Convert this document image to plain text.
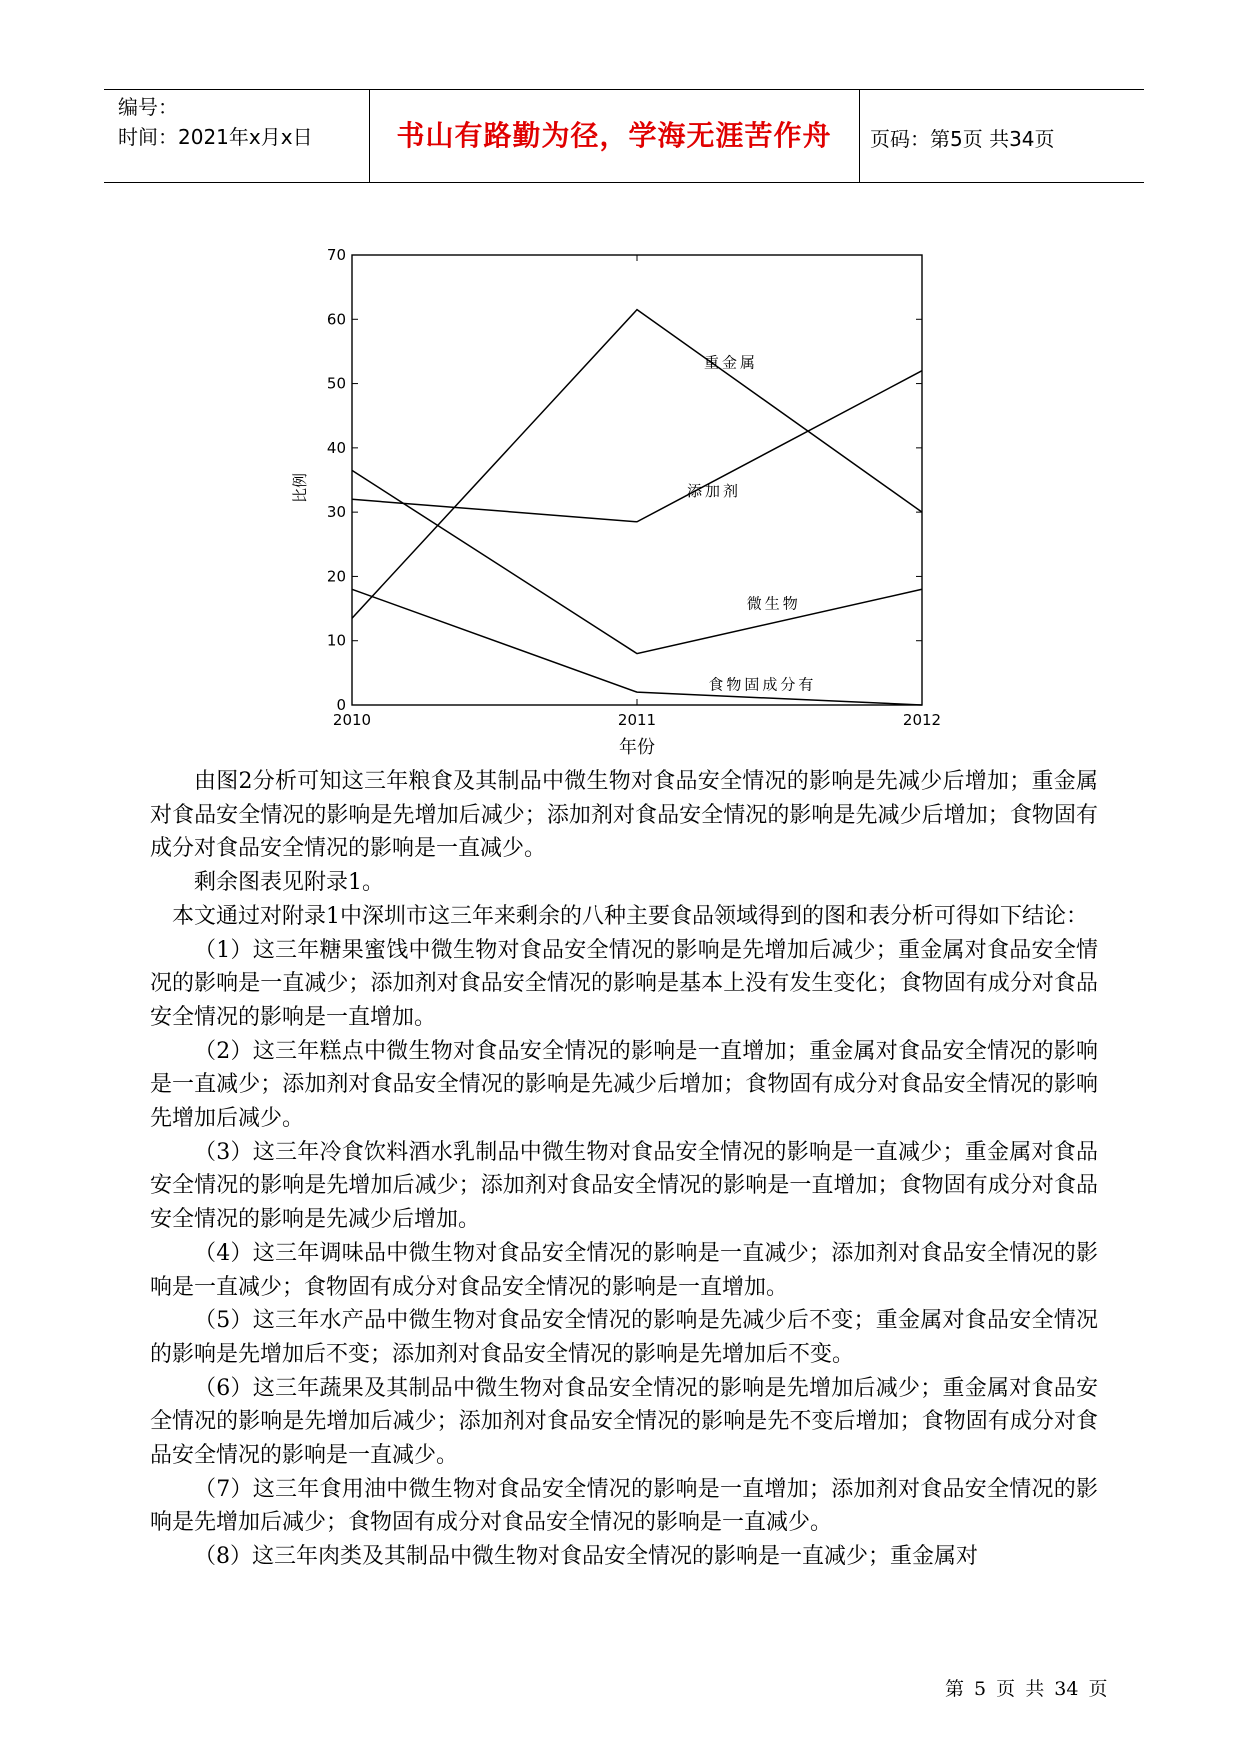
编号：
时间：2021年x月x日	书山有路勤为径，学海无涯苦作舟	页码：第5页 共34页
0
10
20
30
40
50
60
70
2010	2011	2012
年份
比例
重金属
添加剂
微生物
食物固成分有

由图2分析可知这三年粮食及其制品中微生物对食品安全情况的影响是先减少后增加；重金属对食品安全情况的影响是先增加后减少；添加剂对食品安全情况的影响是先减少后增加；食物固有成分对食品安全情况的影响是一直减少。

剩余图表见附录1。

本文通过对附录1中深圳市这三年来剩余的八种主要食品领域得到的图和表分析可得如下结论：

（1）这三年糖果蜜饯中微生物对食品安全情况的影响是先增加后减少；重金属对食品安全情况的影响是一直减少；添加剂对食品安全情况的影响是基本上没有发生变化；食物固有成分对食品安全情况的影响是一直增加。

（2）这三年糕点中微生物对食品安全情况的影响是一直增加；重金属对食品安全情况的影响是一直减少；添加剂对食品安全情况的影响是先减少后增加；食物固有成分对食品安全情况的影响先增加后减少。

（3）这三年冷食饮料酒水乳制品中微生物对食品安全情况的影响是一直减少；重金属对食品安全情况的影响是先增加后减少；添加剂对食品安全情况的影响是一直增加；食物固有成分对食品安全情况的影响是先减少后增加。

（4）这三年调味品中微生物对食品安全情况的影响是一直减少；添加剂对食品安全情况的影响是一直减少；食物固有成分对食品安全情况的影响是一直增加。

（5）这三年水产品中微生物对食品安全情况的影响是先减少后不变；重金属对食品安全情况的影响是先增加后不变；添加剂对食品安全情况的影响是先增加后不变。

（6）这三年蔬果及其制品中微生物对食品安全情况的影响是先增加后减少；重金属对食品安全情况的影响是先增加后减少；添加剂对食品安全情况的影响是先不变后增加；食物固有成分对食品安全情况的影响是一直减少。

（7）这三年食用油中微生物对食品安全情况的影响是一直增加；添加剂对食品安全情况的影响是先增加后减少；食物固有成分对食品安全情况的影响是一直减少。

（8）这三年肉类及其制品中微生物对食品安全情况的影响是一直减少；重金属对

第 5 页 共 34 页
